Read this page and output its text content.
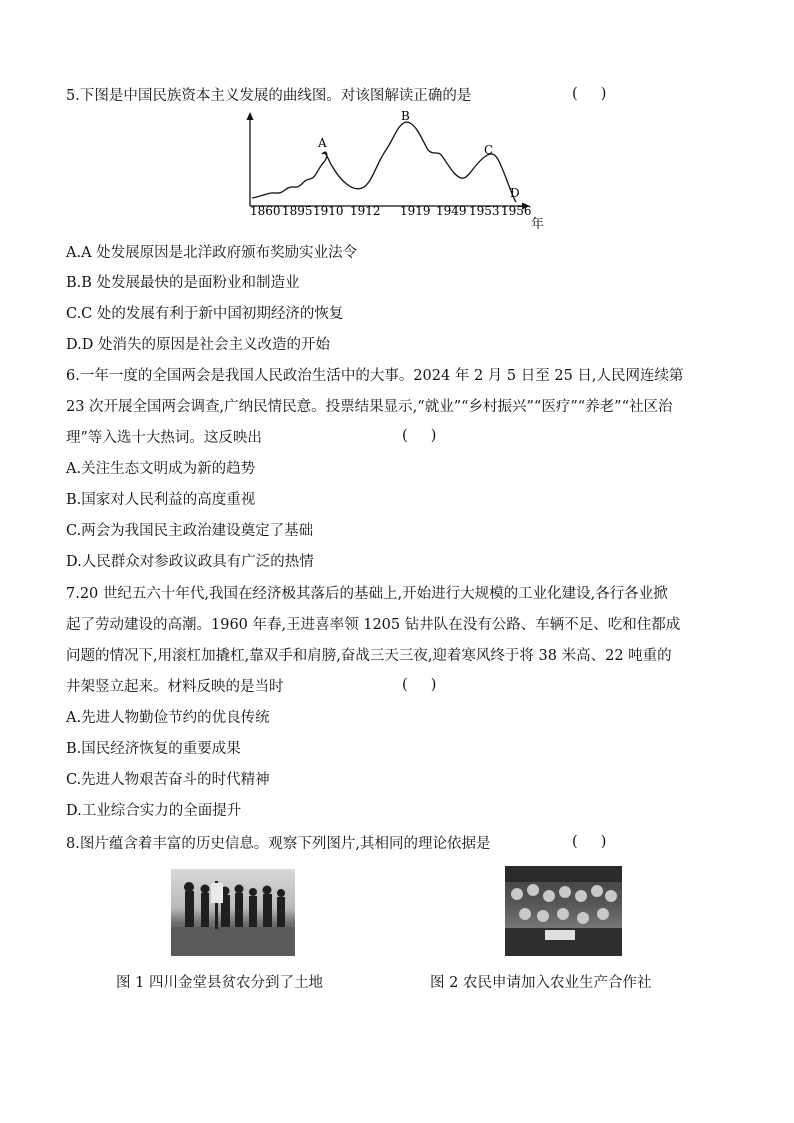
5.下图是中国民族资本主义发展的曲线图。对该图解读正确的是	(     )
A
B
C
D
1860 1895 1910 1912 1919 1949 1953 1956
年
A.A 处发展原因是北洋政府颁布奖励实业法令
B.B 处发展最快的是面粉业和制造业
C.C 处的发展有利于新中国初期经济的恢复
D.D 处消失的原因是社会主义改造的开始
6.一年一度的全国两会是我国人民政治生活中的大事。2024 年 2 月 5 日至 25 日,人民网连续第
23 次开展全国两会调查,广纳民情民意。投票结果显示,“就业”“乡村振兴”“医疗”“养老”“社区治
理”等入选十大热词。这反映出	(     )
A.关注生态文明成为新的趋势
B.国家对人民利益的高度重视
C.两会为我国民主政治建设奠定了基础
D.人民群众对参政议政具有广泛的热情
7.20 世纪五六十年代,我国在经济极其落后的基础上,开始进行大规模的工业化建设,各行各业掀
起了劳动建设的高潮。1960 年春,王进喜率领 1205 钻井队在没有公路、车辆不足、吃和住都成
问题的情况下,用滚杠加撬杠,靠双手和肩膀,奋战三天三夜,迎着寒风终于将 38 米高、22 吨重的
井架竖立起来。材料反映的是当时	(     )
A.先进人物勤俭节约的优良传统
B.国民经济恢复的重要成果
C.先进人物艰苦奋斗的时代精神
D.工业综合实力的全面提升
8.图片蕴含着丰富的历史信息。观察下列图片,其相同的理论依据是	(     )
图 1 四川金堂县贫农分到了土地	图 2 农民申请加入农业生产合作社
